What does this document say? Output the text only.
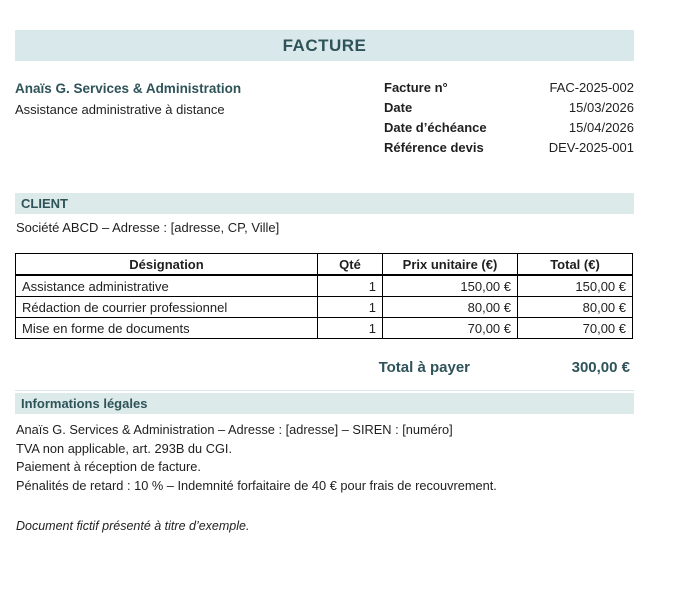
FACTURE
Anaïs G. Services & Administration
Assistance administrative à distance
Facture n°	FAC-2025-002
Date	15/03/2026
Date d’échéance	15/04/2026
Référence devis	DEV-2025-001
CLIENT
Société ABCD – Adresse : [adresse, CP, Ville]
Désignation	Qté	Prix unitaire (€)	Total (€)
Assistance administrative	1	150,00 €	150,00 €
Rédaction de courrier professionnel	1	80,00 €	80,00 €
Mise en forme de documents	1	70,00 €	70,00 €
Total à payer	300,00 €
Informations légales
Anaïs G. Services & Administration – Adresse : [adresse] – SIREN : [numéro]
TVA non applicable, art. 293B du CGI.
Paiement à réception de facture.
Pénalités de retard : 10 % – Indemnité forfaitaire de 40 € pour frais de recouvrement.
Document fictif présenté à titre d’exemple.
